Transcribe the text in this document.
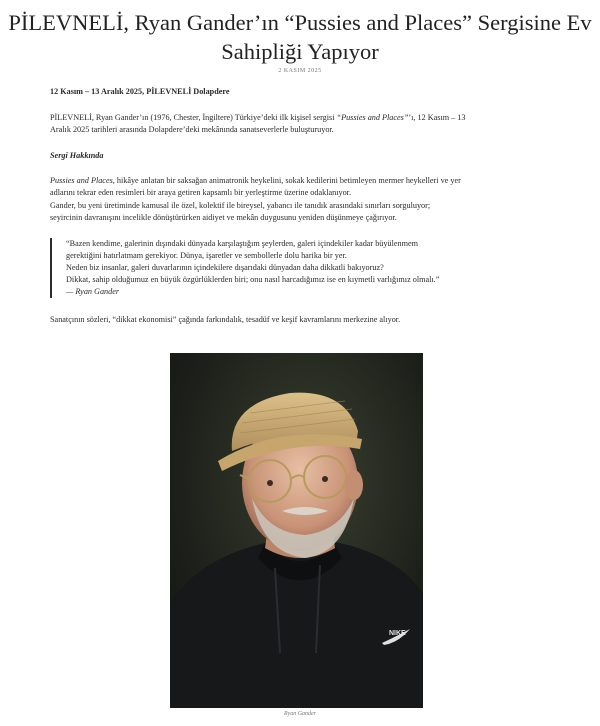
PİLEVNELİ, Ryan Gander’ın “Pussies and Places” Sergisine Ev
Sahipliği Yapıyor
2 KASIM 2025

12 Kasım – 13 Aralık 2025, PİLEVNELİ Dolapdere

PİLEVNELİ, Ryan Gander’ın (1976, Chester, İngiltere) Türkiye’deki ilk kişisel sergisi “Pussies and Places”’ı, 12 Kasım – 13
Aralık 2025 tarihleri arasında Dolapdere’deki mekânında sanatseverlerle buluşturuyor.

Sergi Hakkında

Pussies and Places, hikâye anlatan bir saksağan animatronik heykelini, sokak kedilerini betimleyen mermer heykelleri ve yer
adlarını tekrar eden resimleri bir araya getiren kapsamlı bir yerleştirme üzerine odaklanıyor.
Gander, bu yeni üretiminde kamusal ile özel, kolektif ile bireysel, yabancı ile tanıdık arasındaki sınırları sorguluyor;
seyircinin davranışını incelikle dönüştürürken aidiyet ve mekân duygusunu yeniden düşünmeye çağırıyor.

“Bazen kendime, galerinin dışındaki dünyada karşılaştığım şeylerden, galeri içindekiler kadar büyülenmem

gerektiğini hatırlatmam gerekiyor. Dünya, işaretler ve sembollerle dolu harika bir yer.

Neden biz insanlar, galeri duvarlarının içindekilere dışarıdaki dünyadan daha dikkatli bakıyoruz?

Dikkat, sahip olduğumuz en büyük özgürlüklerden biri; onu nasıl harcadığımız ise en kıymetli varlığımız olmalı.”

— Ryan Gander

Sanatçının sözleri, “dikkat ekonomisi” çağında farkındalık, tesadüf ve keşif kavramlarını merkezine alıyor.

NIKE
Ryan Gander
